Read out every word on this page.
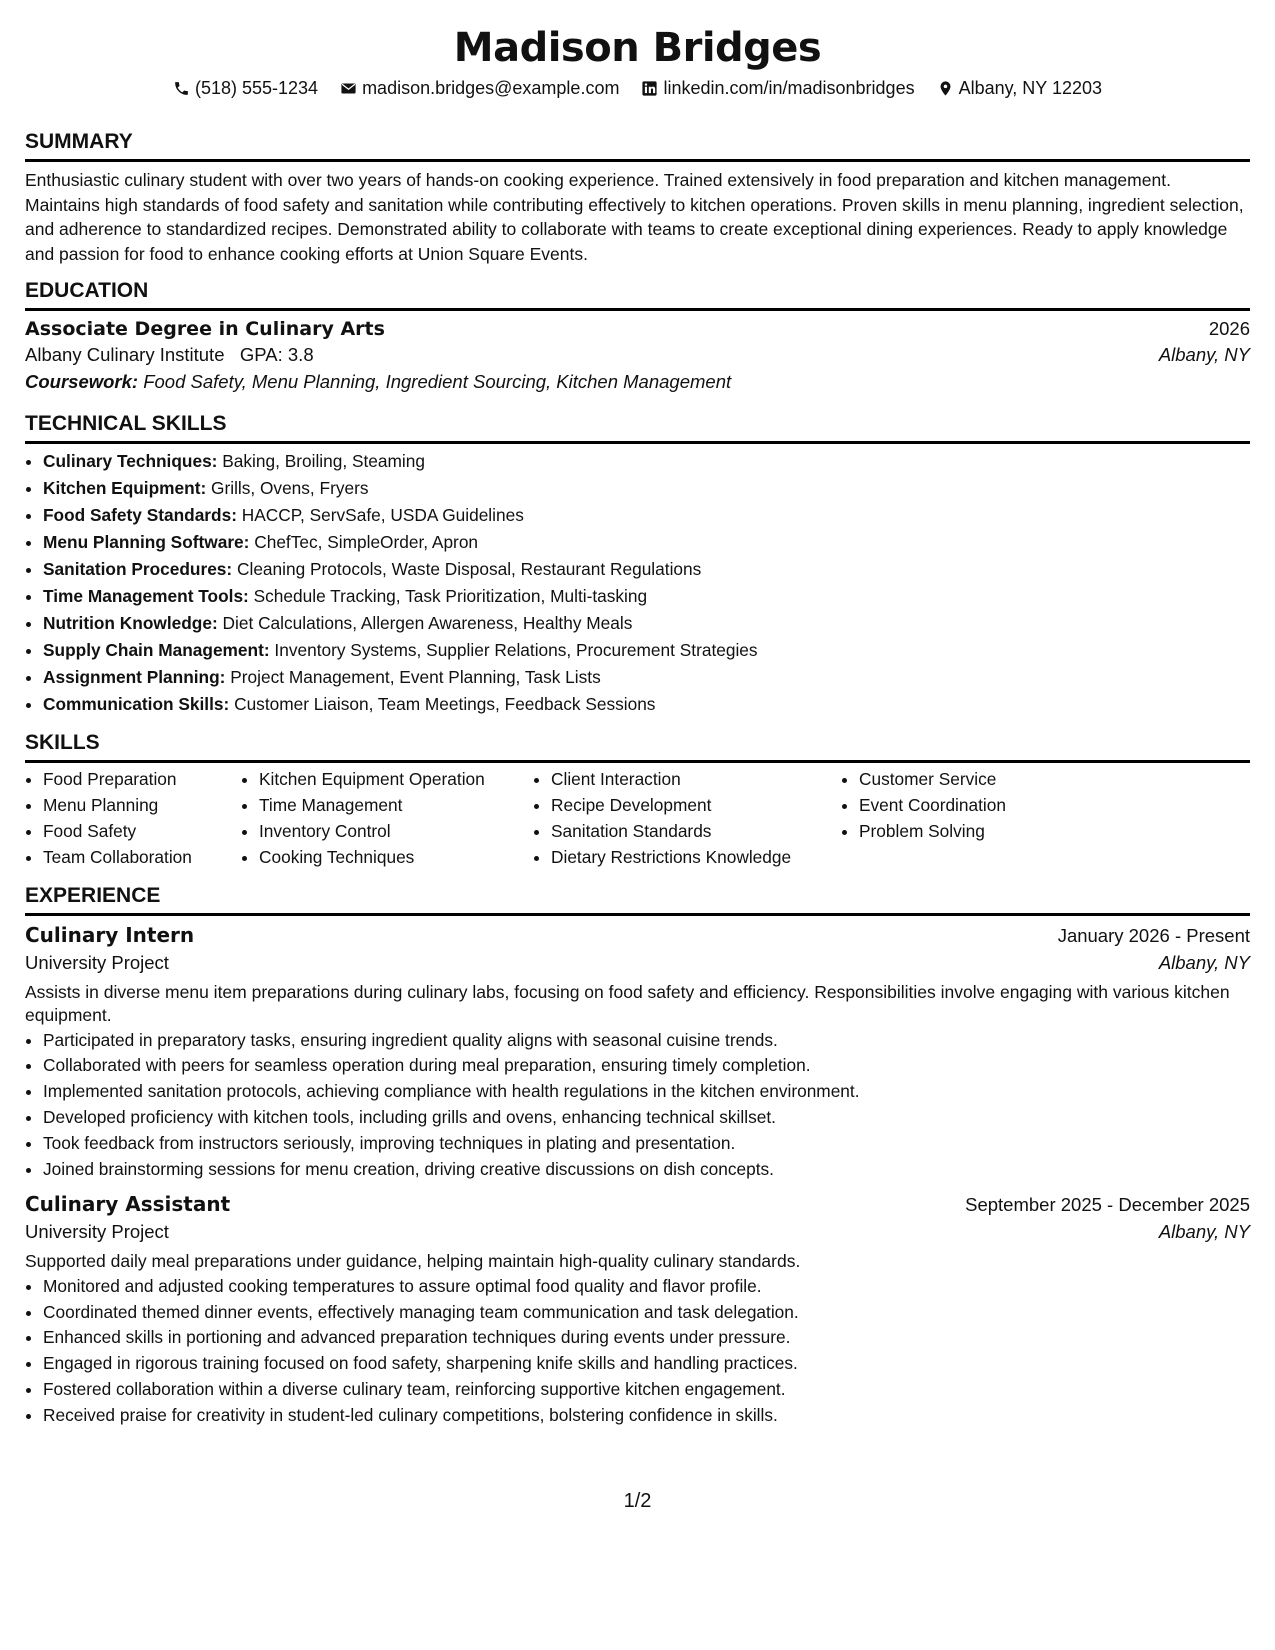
Madison Bridges
(518) 555-1234 madison.bridges@example.com linkedin.com/in/madisonbridges Albany, NY 12203
SUMMARY

Enthusiastic culinary student with over two years of hands-on cooking experience. Trained extensively in food preparation and kitchen management. Maintains high standards of food safety and sanitation while contributing effectively to kitchen operations. Proven skills in menu planning, ingredient selection, and adherence to standardized recipes. Demonstrated ability to collaborate with teams to create exceptional dining experiences. Ready to apply knowledge and passion for food to enhance cooking efforts at Union Square Events.

EDUCATION
Associate Degree in Culinary Arts	2026
Albany Culinary Institute GPA: 3.8	Albany, NY
Coursework: Food Safety, Menu Planning, Ingredient Sourcing, Kitchen Management
TECHNICAL SKILLS
• Culinary Techniques: Baking, Broiling, Steaming
• Kitchen Equipment: Grills, Ovens, Fryers
• Food Safety Standards: HACCP, ServSafe, USDA Guidelines
• Menu Planning Software: ChefTec, SimpleOrder, Apron
• Sanitation Procedures: Cleaning Protocols, Waste Disposal, Restaurant Regulations
• Time Management Tools: Schedule Tracking, Task Prioritization, Multi-tasking
• Nutrition Knowledge: Diet Calculations, Allergen Awareness, Healthy Meals
• Supply Chain Management: Inventory Systems, Supplier Relations, Procurement Strategies
• Assignment Planning: Project Management, Event Planning, Task Lists
• Communication Skills: Customer Liaison, Team Meetings, Feedback Sessions
SKILLS
• Food Preparation
• Menu Planning
• Food Safety
• Team Collaboration
• Kitchen Equipment Operation
• Time Management
• Inventory Control
• Cooking Techniques
• Client Interaction
• Recipe Development
• Sanitation Standards
• Dietary Restrictions Knowledge
• Customer Service
• Event Coordination
• Problem Solving
EXPERIENCE
Culinary Intern	January 2026 - Present
University Project	Albany, NY

Assists in diverse menu item preparations during culinary labs, focusing on food safety and efficiency. Responsibilities involve engaging with various kitchen equipment.

• Participated in preparatory tasks, ensuring ingredient quality aligns with seasonal cuisine trends.
• Collaborated with peers for seamless operation during meal preparation, ensuring timely completion.
• Implemented sanitation protocols, achieving compliance with health regulations in the kitchen environment.
• Developed proficiency with kitchen tools, including grills and ovens, enhancing technical skillset.
• Took feedback from instructors seriously, improving techniques in plating and presentation.
• Joined brainstorming sessions for menu creation, driving creative discussions on dish concepts.
Culinary Assistant	September 2025 - December 2025
University Project	Albany, NY

Supported daily meal preparations under guidance, helping maintain high-quality culinary standards.

• Monitored and adjusted cooking temperatures to assure optimal food quality and flavor profile.
• Coordinated themed dinner events, effectively managing team communication and task delegation.
• Enhanced skills in portioning and advanced preparation techniques during events under pressure.
• Engaged in rigorous training focused on food safety, sharpening knife skills and handling practices.
• Fostered collaboration within a diverse culinary team, reinforcing supportive kitchen engagement.
• Received praise for creativity in student-led culinary competitions, bolstering confidence in skills.
1/2
